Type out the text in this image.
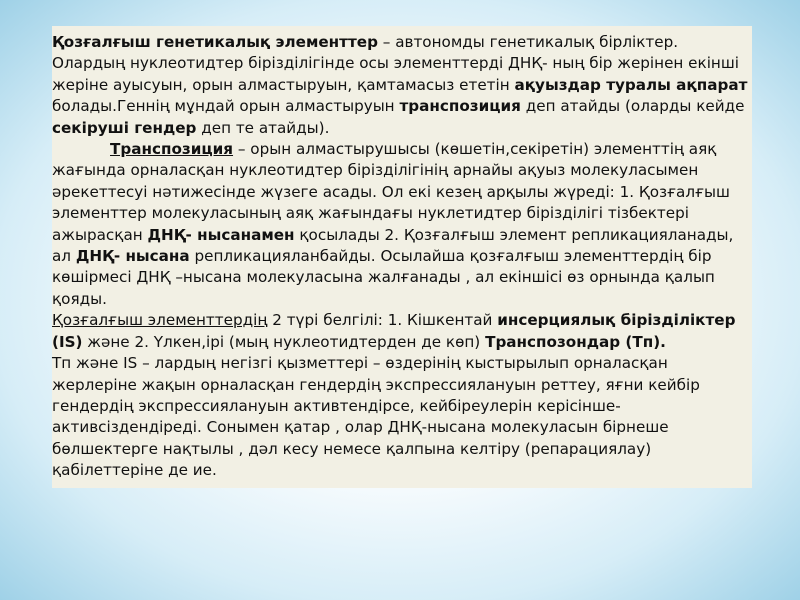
Қозғалғыш генетикалық элементтер – автономды генетикалық бірліктер. Олардың нуклеотидтер бірізділігінде осы элементтерді ДНҚ- ның бір жерінен екінші жеріне ауысуын, орын алмастыруын, қамтамасыз ететін ақуыздар туралы ақпарат болады.Геннің мұндай орын алмастыруын транспозиция деп атайды (оларды кейде секіруші гендер деп те атайды).

Транспозиция – орын алмастырушысы (көшетін,секіретін) элементтің аяқ жағында орналасқан нуклеотидтер бірізділігінің арнайы ақуыз молекуласымен әрекеттесуі нәтижесінде жүзеге асады. Ол екі кезең арқылы жүреді: 1. Қозғалғыш элементтер молекуласының аяқ жағындағы нуклетидтер бірізділігі тізбектері ажырасқан ДНҚ- нысанамен қосылады 2. Қозғалғыш элемент репликацияланады, ал ДНҚ- нысана репликацияланбайды. Осылайша қозғалғыш элементтердің бір көшірмесі ДНҚ –нысана молекуласына жалғанады , ал екіншісі өз орнында қалып қояды.

Қозғалғыш элементтердің 2 түрі белгілі: 1. Кішкентай инсерциялық бірізділіктер (IS) және 2. Үлкен,ірі (мың нуклеотидтерден де көп) Транспозондар (Тп).

Тп және IS – лардың негізгі қызметтері – өздерінің кыстырылып орналасқан жерлеріне жақын орналасқан гендердің экспрессиялануын реттеу, яғни кейбір гендердің экспрессиялануын активтендірсе, кейбіреулерін керісінше- активсіздендіреді. Сонымен қатар , олар ДНҚ-нысана молекуласын бірнеше бөлшектерге нақтылы , дәл кесу немесе қалпына келтіру (репарациялау) қабілеттеріне де ие.
